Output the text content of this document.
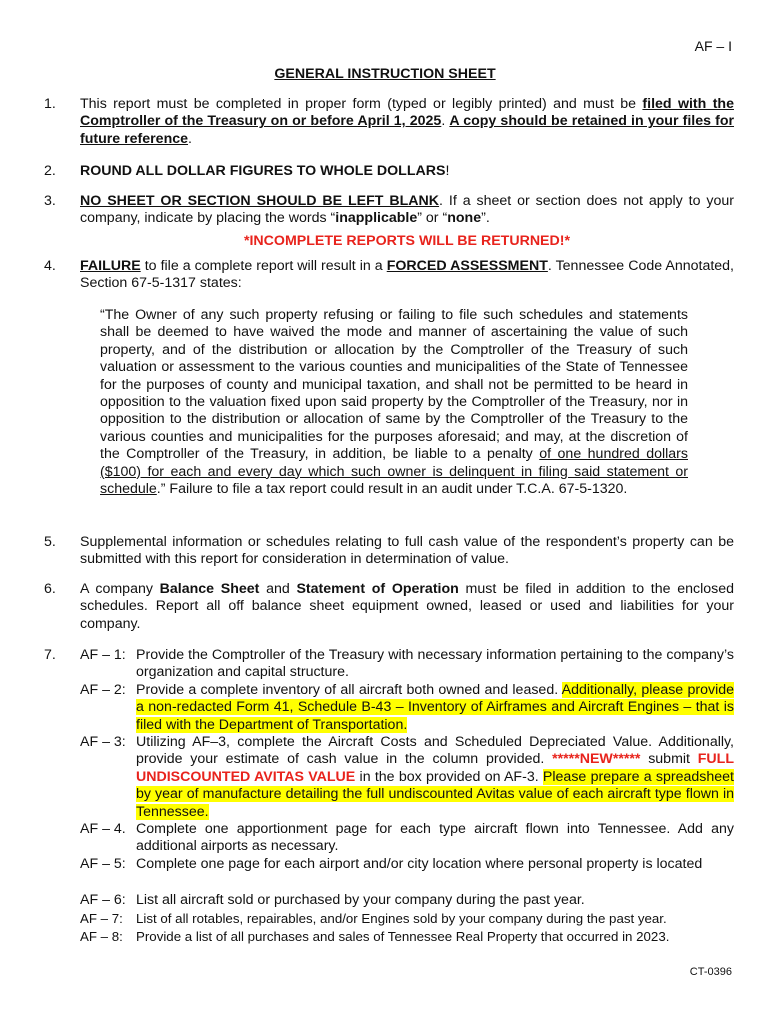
AF – I
GENERAL INSTRUCTION SHEET
1. This report must be completed in proper form (typed or legibly printed) and must be filed with the Comptroller of the Treasury on or before April 1, 2025. A copy should be retained in your files for future reference.
2. ROUND ALL DOLLAR FIGURES TO WHOLE DOLLARS!
3. NO SHEET OR SECTION SHOULD BE LEFT BLANK. If a sheet or section does not apply to your company, indicate by placing the words “inapplicable” or “none”.
*INCOMPLETE REPORTS WILL BE RETURNED!*
4. FAILURE to file a complete report will result in a FORCED ASSESSMENT. Tennessee Code Annotated, Section 67-5-1317 states:
“The Owner of any such property refusing or failing to file such schedules and statements shall be deemed to have waived the mode and manner of ascertaining the value of such property, and of the distribution or allocation by the Comptroller of the Treasury of such valuation or assessment to the various counties and municipalities of the State of Tennessee for the purposes of county and municipal taxation, and shall not be permitted to be heard in opposition to the valuation fixed upon said property by the Comptroller of the Treasury, nor in opposition to the distribution or allocation of same by the Comptroller of the Treasury to the various counties and municipalities for the purposes aforesaid; and may, at the discretion of the Comptroller of the Treasury, in addition, be liable to a penalty of one hundred dollars ($100) for each and every day which such owner is delinquent in filing said statement or schedule.” Failure to file a tax report could result in an audit under T.C.A. 67-5-1320.
5. Supplemental information or schedules relating to full cash value of the respondent’s property can be submitted with this report for consideration in determination of value.
6. A company Balance Sheet and Statement of Operation must be filed in addition to the enclosed schedules. Report all off balance sheet equipment owned, leased or used and liabilities for your company.
7. AF – 1: Provide the Comptroller of the Treasury with necessary information pertaining to the company’s organization and capital structure.
AF – 2: Provide a complete inventory of all aircraft both owned and leased. Additionally, please provide a non-redacted Form 41, Schedule B-43 – Inventory of Airframes and Aircraft Engines – that is filed with the Department of Transportation.
AF – 3: Utilizing AF–3, complete the Aircraft Costs and Scheduled Depreciated Value. Additionally, provide your estimate of cash value in the column provided. *****NEW***** submit FULL UNDISCOUNTED AVITAS VALUE in the box provided on AF-3. Please prepare a spreadsheet by year of manufacture detailing the full undiscounted Avitas value of each aircraft type flown in Tennessee.
AF – 4. Complete one apportionment page for each type aircraft flown into Tennessee. Add any additional airports as necessary.
AF – 5: Complete one page for each airport and/or city location where personal property is located
AF – 6: List all aircraft sold or purchased by your company during the past year.
AF – 7: List of all rotables, repairables, and/or Engines sold by your company during the past year.
AF – 8: Provide a list of all purchases and sales of Tennessee Real Property that occurred in 2023.
CT-0396
